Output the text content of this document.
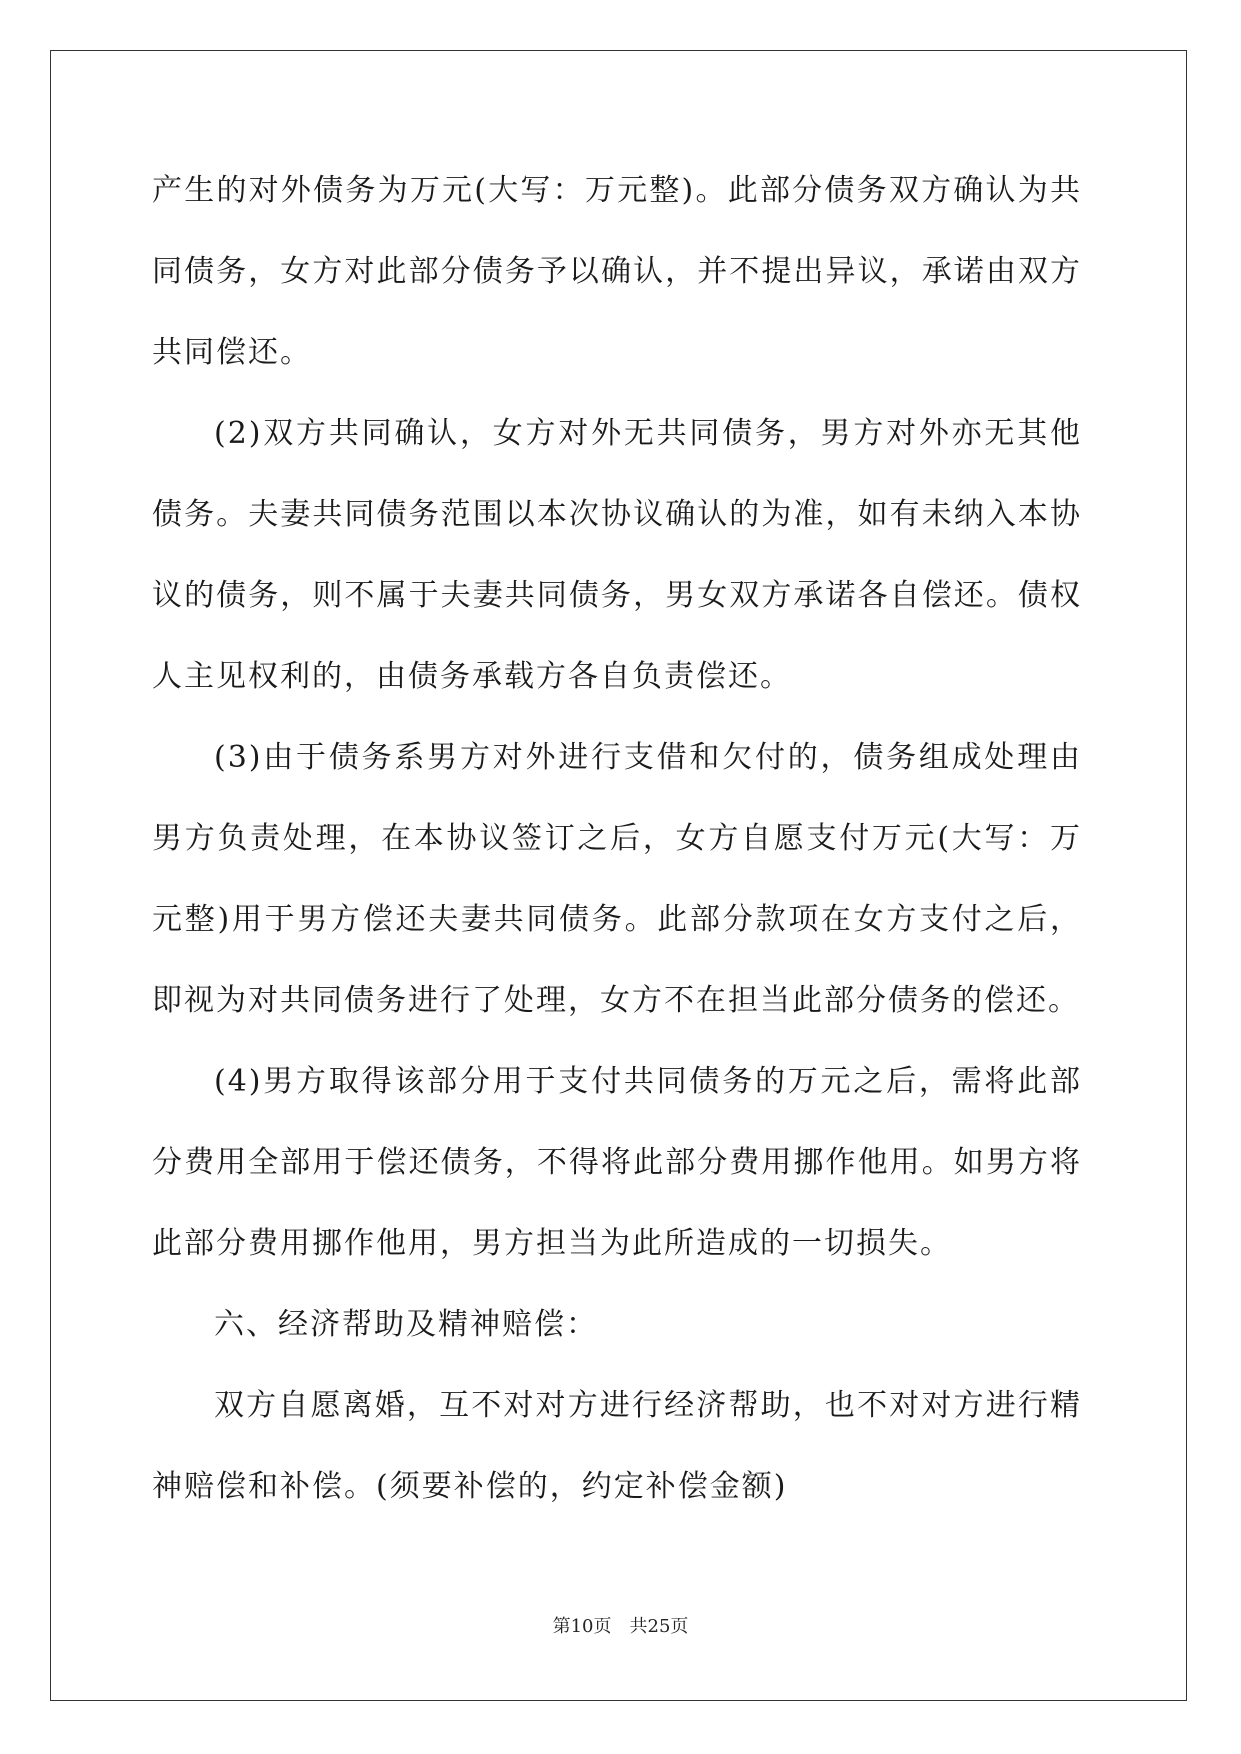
产生的对外债务为万元(大写：万元整)。此部分债务双方确认为共同债务，女方对此部分债务予以确认，并不提出异议，承诺由双方共同偿还。

(2)双方共同确认，女方对外无共同债务，男方对外亦无其他债务。夫妻共同债务范围以本次协议确认的为准，如有未纳入本协议的债务，则不属于夫妻共同债务，男女双方承诺各自偿还。债权人主见权利的，由债务承载方各自负责偿还。

(3)由于债务系男方对外进行支借和欠付的，债务组成处理由男方负责处理，在本协议签订之后，女方自愿支付万元(大写：万元整)用于男方偿还夫妻共同债务。此部分款项在女方支付之后，即视为对共同债务进行了处理，女方不在担当此部分债务的偿还。

(4)男方取得该部分用于支付共同债务的万元之后，需将此部分费用全部用于偿还债务，不得将此部分费用挪作他用。如男方将此部分费用挪作他用，男方担当为此所造成的一切损失。

六、经济帮助及精神赔偿：

双方自愿离婚，互不对对方进行经济帮助，也不对对方进行精神赔偿和补偿。(须要补偿的，约定补偿金额)

第10页 共25页
